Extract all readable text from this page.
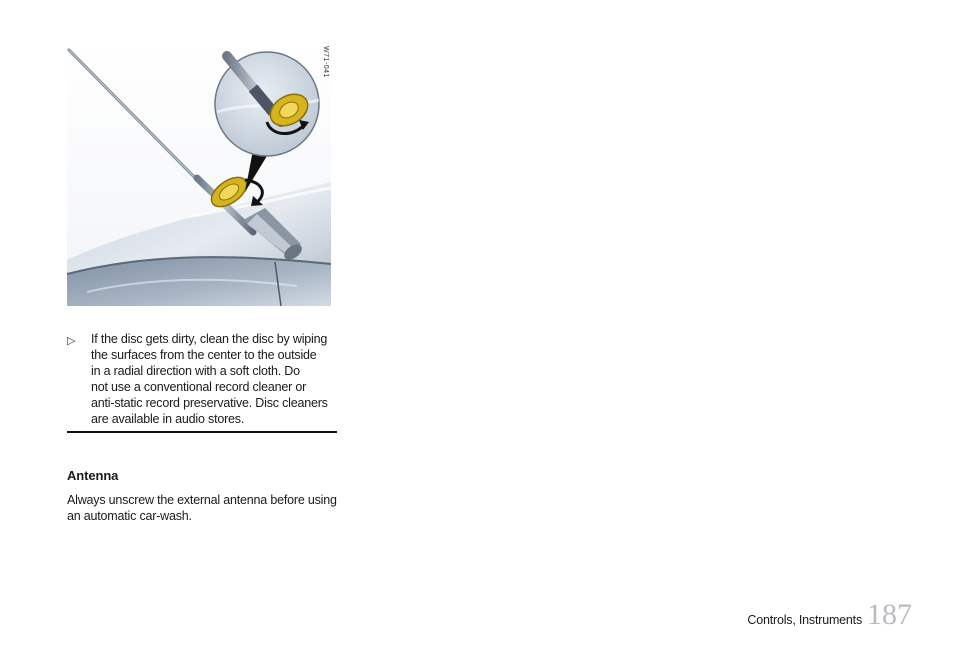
W71-041
▷ If the disc gets dirty, clean the disc by wiping
the surfaces from the center to the outside
in a radial direction with a soft cloth. Do
not use a conventional record cleaner or
anti-static record preservative. Disc cleaners
are available in audio stores.
Antenna
Always unscrew the external antenna before using
an automatic car-wash.
Controls, Instruments 187
